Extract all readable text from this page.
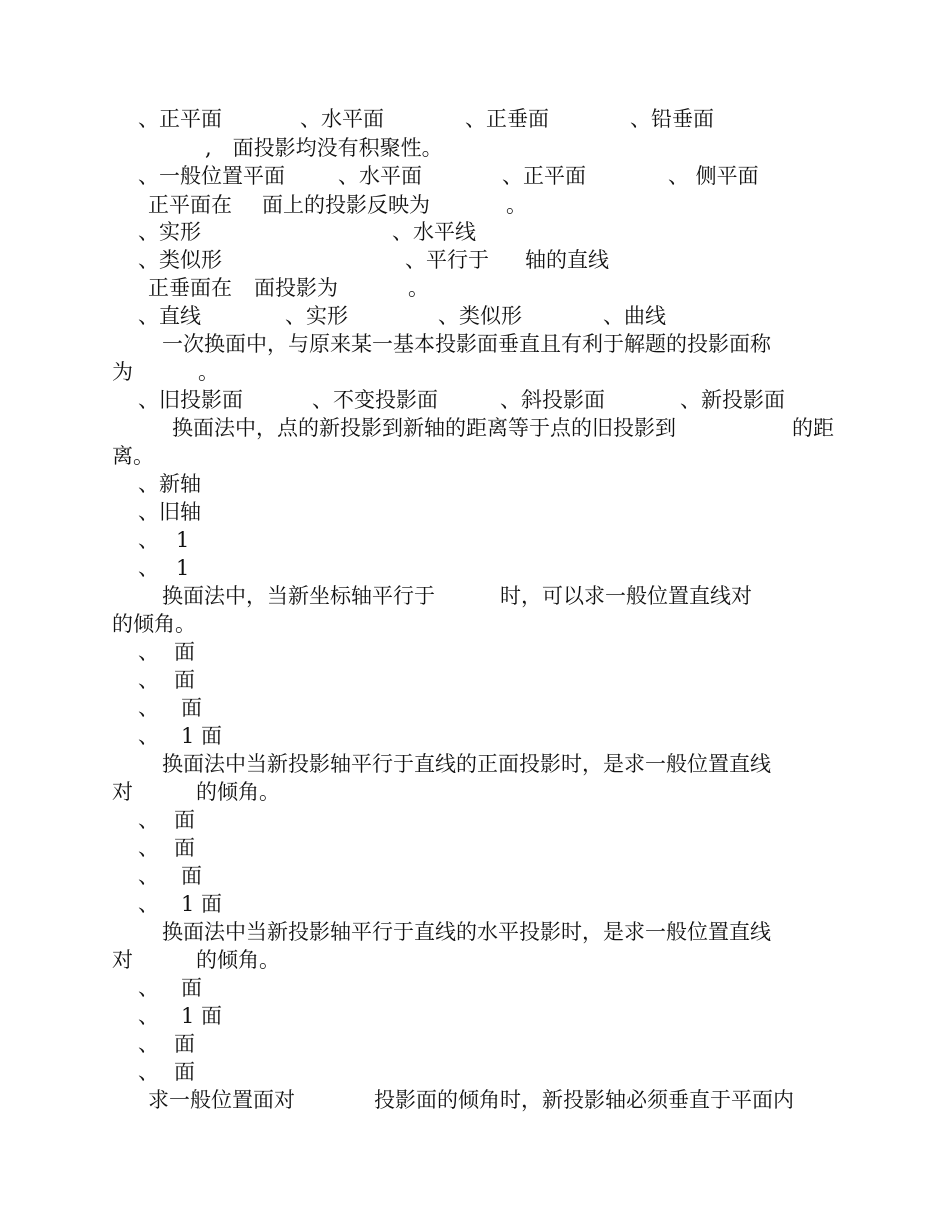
、正平面	、水平面	、正垂面	、铅垂面
,　面投影均没有积聚性。
、一般位置平面	、水平面	、正平面	、 侧平面
正平面在 面上的投影反映为	。
、实形	、水平线
、类似形	、平行于 轴的直线
正垂面在 面投影为	。
、直线	、实形	、类似形	、曲线
一次换面中，与原来某一基本投影面垂直且有利于解题的投影面称
为	。
、旧投影面	、不变投影面	、斜投影面	、新投影面
换面法中，点的新投影到新轴的距离等于点的旧投影到	的距
离。
、新轴
、旧轴
、 1
、 1
换面法中，当新坐标轴平行于	时，可以求一般位置直线对
的倾角。
、 面
、 面
、 面
、 1 面
换面法中当新投影轴平行于直线的正面投影时，是求一般位置直线
对	的倾角。
、 面
、 面
、 面
、 1 面
换面法中当新投影轴平行于直线的水平投影时，是求一般位置直线
对	的倾角。
、 面
、 1 面
、 面
、 面
求一般位置面对	投影面的倾角时，新投影轴必须垂直于平面内
